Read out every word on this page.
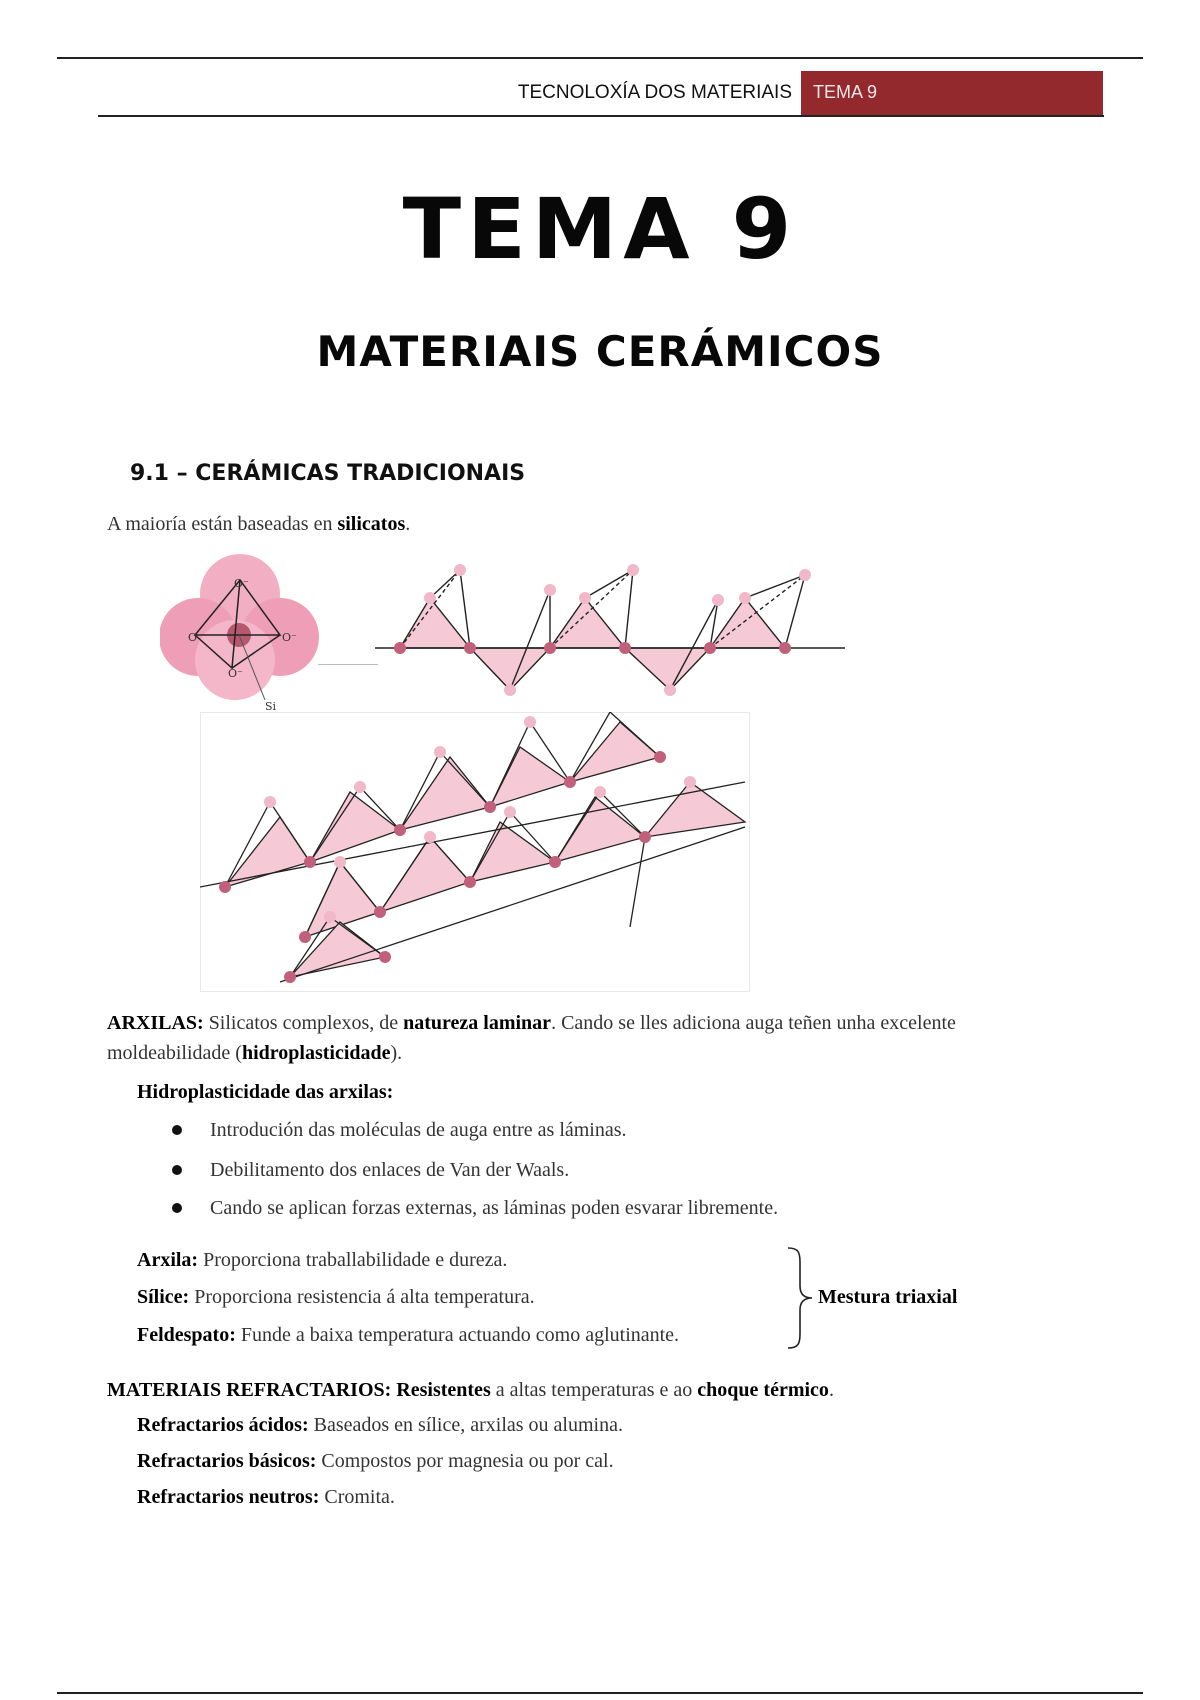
TECNOLOXÍA DOS MATERIAIS	TEMA 9
TEMA 9
MATERIAIS CERÁMICOS
9.1 – CERÁMICAS TRADICIONAIS
A maioría están baseadas en silicatos.
O⁻
O⁻	O⁻
O⁻
Si
ARXILAS: Silicatos complexos, de natureza laminar. Cando se lles adiciona auga teñen unha excelente
moldeabilidade (hidroplasticidade).
Hidroplasticidade das arxilas:
Introdución das moléculas de auga entre as láminas.
Debilitamento dos enlaces de Van der Waals.
Cando se aplican forzas externas, as láminas poden esvarar libremente.
Arxila: Proporciona traballabilidade e dureza.
Sílice: Proporciona resistencia á alta temperatura.
Feldespato: Funde a baixa temperatura actuando como aglutinante.
Mestura triaxial
MATERIAIS REFRACTARIOS: Resistentes a altas temperaturas e ao choque térmico.
Refractarios ácidos: Baseados en sílice, arxilas ou alumina.
Refractarios básicos: Compostos por magnesia ou por cal.
Refractarios neutros: Cromita.
